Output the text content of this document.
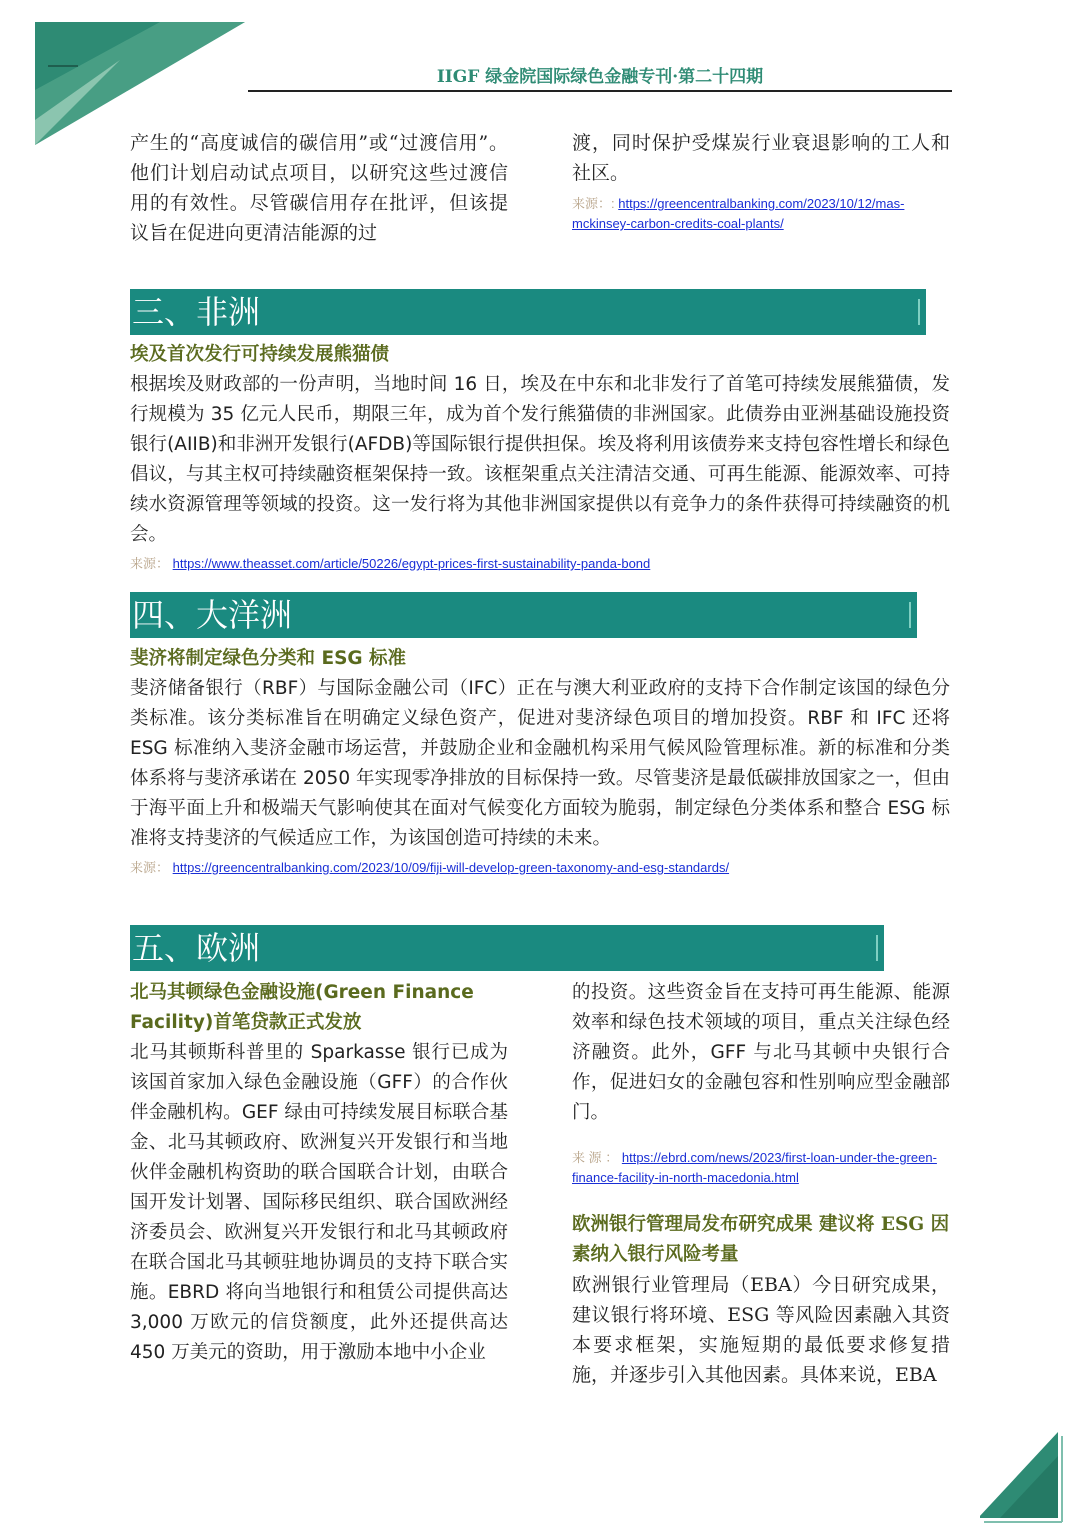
IIGF 绿金院国际绿色金融专刊·第二十四期

产生的“高度诚信的碳信用”或“过渡信用”。他们计划启动试点项目，以研究这些过渡信用的有效性。尽管碳信用存在批评，但该提议旨在促进向更清洁能源的过

渡，同时保护受煤炭行业衰退影响的工人和社区。

来源：: https://greencentralbanking.com/2023/10/12/mas-mckinsey-carbon-credits-coal-plants/

三、非洲

埃及首次发行可持续发展熊猫债

根据埃及财政部的一份声明，当地时间 16 日，埃及在中东和北非发行了首笔可持续发展熊猫债，发行规模为 35 亿元人民币，期限三年，成为首个发行熊猫债的非洲国家。此债券由亚洲基础设施投资银行(AIIB)和非洲开发银行(AFDB)等国际银行提供担保。埃及将利用该债券来支持包容性增长和绿色倡议，与其主权可持续融资框架保持一致。该框架重点关注清洁交通、可再生能源、能源效率、可持续水资源管理等领域的投资。这一发行将为其他非洲国家提供以有竞争力的条件获得可持续融资的机会。

来源： https://www.theasset.com/article/50226/egypt-prices-first-sustainability-panda-bond

四、大洋洲

斐济将制定绿色分类和 ESG 标准

斐济储备银行（RBF）与国际金融公司（IFC）正在与澳大利亚政府的支持下合作制定该国的绿色分类标准。该分类标准旨在明确定义绿色资产，促进对斐济绿色项目的增加投资。RBF 和 IFC 还将 ESG 标准纳入斐济金融市场运营，并鼓励企业和金融机构采用气候风险管理标准。新的标准和分类体系将与斐济承诺在 2050 年实现零净排放的目标保持一致。尽管斐济是最低碳排放国家之一，但由于海平面上升和极端天气影响使其在面对气候变化方面较为脆弱，制定绿色分类体系和整合 ESG 标准将支持斐济的气候适应工作，为该国创造可持续的未来。

来源： https://greencentralbanking.com/2023/10/09/fiji-will-develop-green-taxonomy-and-esg-standards/

五、欧洲

北马其顿绿色金融设施(Green Finance Facility)首笔贷款正式发放

北马其顿斯科普里的 Sparkasse 银行已成为该国首家加入绿色金融设施（GFF）的合作伙伴金融机构。GEF 绿由可持续发展目标联合基金、北马其顿政府、欧洲复兴开发银行和当地伙伴金融机构资助的联合国联合计划，由联合国开发计划署、国际移民组织、联合国欧洲经济委员会、欧洲复兴开发银行和北马其顿政府在联合国北马其顿驻地协调员的支持下联合实施。EBRD 将向当地银行和租赁公司提供高达 3,000 万欧元的信贷额度，此外还提供高达 450 万美元的资助，用于激励本地中小企业

的投资。这些资金旨在支持可再生能源、能源效率和绿色技术领域的项目，重点关注绿色经济融资。此外，GFF 与北马其顿中央银行合作，促进妇女的金融包容和性别响应型金融部门。

来 源 ： https://ebrd.com/news/2023/first-loan-under-the-green-finance-facility-in-north-macedonia.html

欧洲银行管理局发布研究成果 建议将 ESG 因素纳入银行风险考量

欧洲银行业管理局（EBA）今日研究成果，建议银行将环境、ESG 等风险因素融入其资本要求框架，实施短期的最低要求修复措施，并逐步引入其他因素。具体来说，EBA
